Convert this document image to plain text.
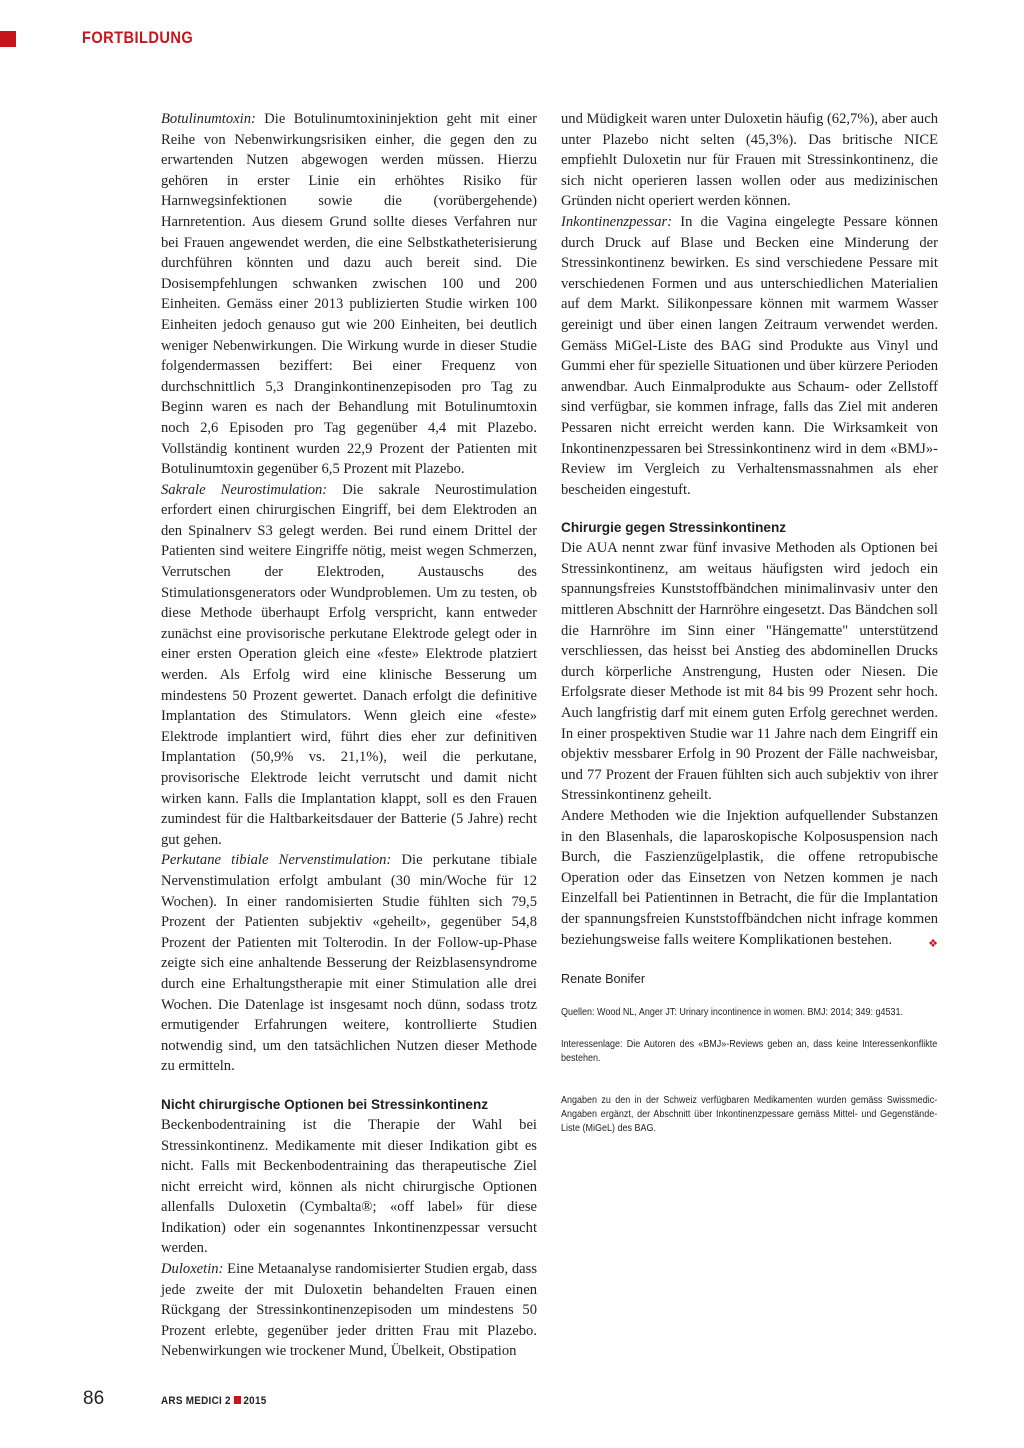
FORTBILDUNG

Botulinumtoxin: Die Botulinumtoxininjektion geht mit einer Reihe von Nebenwirkungsrisiken einher, die gegen den zu erwartenden Nutzen abgewogen werden müssen. Hierzu gehören in erster Linie ein erhöhtes Risiko für Harnwegsinfektionen sowie die (vorübergehende) Harnretention. Aus diesem Grund sollte dieses Verfahren nur bei Frauen angewendet werden, die eine Selbstkatheterisierung durchführen könnten und dazu auch bereit sind. Die Dosisempfehlungen schwanken zwischen 100 und 200 Einheiten. Gemäss einer 2013 publizierten Studie wirken 100 Einheiten jedoch genauso gut wie 200 Einheiten, bei deutlich weniger Nebenwirkungen. Die Wirkung wurde in dieser Studie folgendermassen beziffert: Bei einer Frequenz von durchschnittlich 5,3 Dranginkontinenzepisoden pro Tag zu Beginn waren es nach der Behandlung mit Botulinumtoxin noch 2,6 Episoden pro Tag gegenüber 4,4 mit Plazebo. Vollständig kontinent wurden 22,9 Prozent der Patienten mit Botulinumtoxin gegenüber 6,5 Prozent mit Plazebo.

Sakrale Neurostimulation: Die sakrale Neurostimulation erfordert einen chirurgischen Eingriff, bei dem Elektroden an den Spinalnerv S3 gelegt werden. Bei rund einem Drittel der Patienten sind weitere Eingriffe nötig, meist wegen Schmerzen, Verrutschen der Elektroden, Austauschs des Stimulationsgenerators oder Wundproblemen. Um zu testen, ob diese Methode überhaupt Erfolg verspricht, kann entweder zunächst eine provisorische perkutane Elektrode gelegt oder in einer ersten Operation gleich eine «feste» Elektrode platziert werden. Als Erfolg wird eine klinische Besserung um mindestens 50 Prozent gewertet. Danach erfolgt die definitive Implantation des Stimulators. Wenn gleich eine «feste» Elektrode implantiert wird, führt dies eher zur definitiven Implantation (50,9% vs. 21,1%), weil die perkutane, provisorische Elektrode leicht verrutscht und damit nicht wirken kann. Falls die Implantation klappt, soll es den Frauen zumindest für die Haltbarkeitsdauer der Batterie (5 Jahre) recht gut gehen.

Perkutane tibiale Nervenstimulation: Die perkutane tibiale Nervenstimulation erfolgt ambulant (30 min/Woche für 12 Wochen). In einer randomisierten Studie fühlten sich 79,5 Prozent der Patienten subjektiv «geheilt», gegenüber 54,8 Prozent der Patienten mit Tolterodin. In der Follow-up-Phase zeigte sich eine anhaltende Besserung der Reizblasensyndrome durch eine Erhaltungstherapie mit einer Stimulation alle drei Wochen. Die Datenlage ist insgesamt noch dünn, sodass trotz ermutigender Erfahrungen weitere, kontrollierte Studien notwendig sind, um den tatsächlichen Nutzen dieser Methode zu ermitteln.

Nicht chirurgische Optionen bei Stressinkontinenz

Beckenbodentraining ist die Therapie der Wahl bei Stressinkontinenz. Medikamente mit dieser Indikation gibt es nicht. Falls mit Beckenbodentraining das therapeutische Ziel nicht erreicht wird, können als nicht chirurgische Optionen allenfalls Duloxetin (Cymbalta®; «off label» für diese Indikation) oder ein sogenanntes Inkontinenzpessar versucht werden.

Duloxetin: Eine Metaanalyse randomisierter Studien ergab, dass jede zweite der mit Duloxetin behandelten Frauen einen Rückgang der Stressinkontinenzepisoden um mindestens 50 Prozent erlebte, gegenüber jeder dritten Frau mit Plazebo. Nebenwirkungen wie trockener Mund, Übelkeit, Obstipation

und Müdigkeit waren unter Duloxetin häufig (62,7%), aber auch unter Plazebo nicht selten (45,3%). Das britische NICE empfiehlt Duloxetin nur für Frauen mit Stressinkontinenz, die sich nicht operieren lassen wollen oder aus medizinischen Gründen nicht operiert werden können.

Inkontinenzpessar: In die Vagina eingelegte Pessare können durch Druck auf Blase und Becken eine Minderung der Stressinkontinenz bewirken. Es sind verschiedene Pessare mit verschiedenen Formen und aus unterschiedlichen Materialien auf dem Markt. Silikonpessare können mit warmem Wasser gereinigt und über einen langen Zeitraum verwendet werden. Gemäss MiGel-Liste des BAG sind Produkte aus Vinyl und Gummi eher für spezielle Situationen und über kürzere Perioden anwendbar. Auch Einmalprodukte aus Schaum- oder Zellstoff sind verfügbar, sie kommen infrage, falls das Ziel mit anderen Pessaren nicht erreicht werden kann. Die Wirksamkeit von Inkontinenzpessaren bei Stressinkontinenz wird in dem «BMJ»-Review im Vergleich zu Verhaltensmassnahmen als eher bescheiden eingestuft.

Chirurgie gegen Stressinkontinenz

Die AUA nennt zwar fünf invasive Methoden als Optionen bei Stressinkontinenz, am weitaus häufigsten wird jedoch ein spannungsfreies Kunststoffbändchen minimalinvasiv unter den mittleren Abschnitt der Harnröhre eingesetzt. Das Bändchen soll die Harnröhre im Sinn einer "Hängematte" unterstützend verschliessen, das heisst bei Anstieg des abdominellen Drucks durch körperliche Anstrengung, Husten oder Niesen. Die Erfolgsrate dieser Methode ist mit 84 bis 99 Prozent sehr hoch. Auch langfristig darf mit einem guten Erfolg gerechnet werden. In einer prospektiven Studie war 11 Jahre nach dem Eingriff ein objektiv messbarer Erfolg in 90 Prozent der Fälle nachweisbar, und 77 Prozent der Frauen fühlten sich auch subjektiv von ihrer Stressinkontinenz geheilt.

Andere Methoden wie die Injektion aufquellender Substanzen in den Blasenhals, die laparoskopische Kolposuspension nach Burch, die Faszienzügelplastik, die offene retropubische Operation oder das Einsetzen von Netzen kommen je nach Einzelfall bei Patientinnen in Betracht, die für die Implantation der spannungsfreien Kunststoffbändchen nicht infrage kommen beziehungsweise falls weitere Komplikationen bestehen.	❖

Renate Bonifer
Quellen: Wood NL, Anger JT: Urinary incontinence in women. BMJ: 2014; 349: g4531.
Interessenlage: Die Autoren des «BMJ»-Reviews geben an, dass keine Interessenkonflikte bestehen.
Angaben zu den in der Schweiz verfügbaren Medikamenten wurden gemäss Swissmedic-Angaben ergänzt, der Abschnitt über Inkontinenzpessare gemäss Mittel- und Gegenstände-Liste (MiGeL) des BAG.
86	ARS MEDICI 2 2015
